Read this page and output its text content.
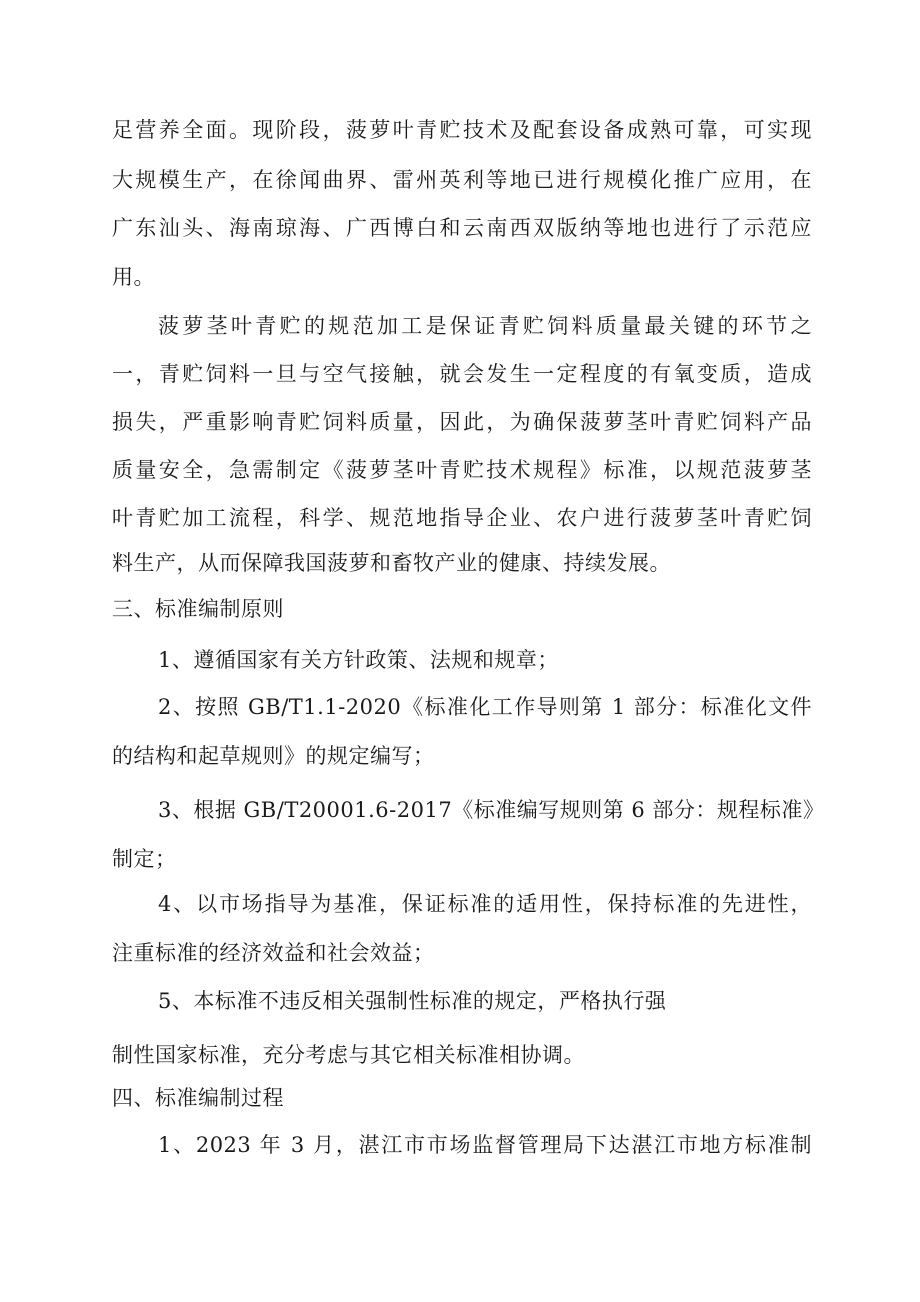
足营养全面。现阶段，菠萝叶青贮技术及配套设备成熟可靠，可实现
大规模生产，在徐闻曲界、雷州英利等地已进行规模化推广应用，在
广东汕头、海南琼海、广西博白和云南西双版纳等地也进行了示范应
用。
菠萝茎叶青贮的规范加工是保证青贮饲料质量最关键的环节之
一，青贮饲料一旦与空气接触，就会发生一定程度的有氧变质，造成
损失，严重影响青贮饲料质量，因此，为确保菠萝茎叶青贮饲料产品
质量安全，急需制定《菠萝茎叶青贮技术规程》标准，以规范菠萝茎
叶青贮加工流程，科学、规范地指导企业、农户进行菠萝茎叶青贮饲
料生产，从而保障我国菠萝和畜牧产业的健康、持续发展。
三、标准编制原则
1、遵循国家有关方针政策、法规和规章；
2、按照 GB/T1.1-2020《标准化工作导则第 1 部分：标准化文件
的结构和起草规则》的规定编写；
3、根据 GB/T20001.6-2017《标准编写规则第 6 部分：规程标准》
制定；
4、以市场指导为基准，保证标准的适用性，保持标准的先进性，
注重标准的经济效益和社会效益；
5、本标准不违反相关强制性标准的规定，严格执行强
制性国家标准，充分考虑与其它相关标准相协调。
四、标准编制过程
1、2023 年 3 月，湛江市市场监督管理局下达湛江市地方标准制
